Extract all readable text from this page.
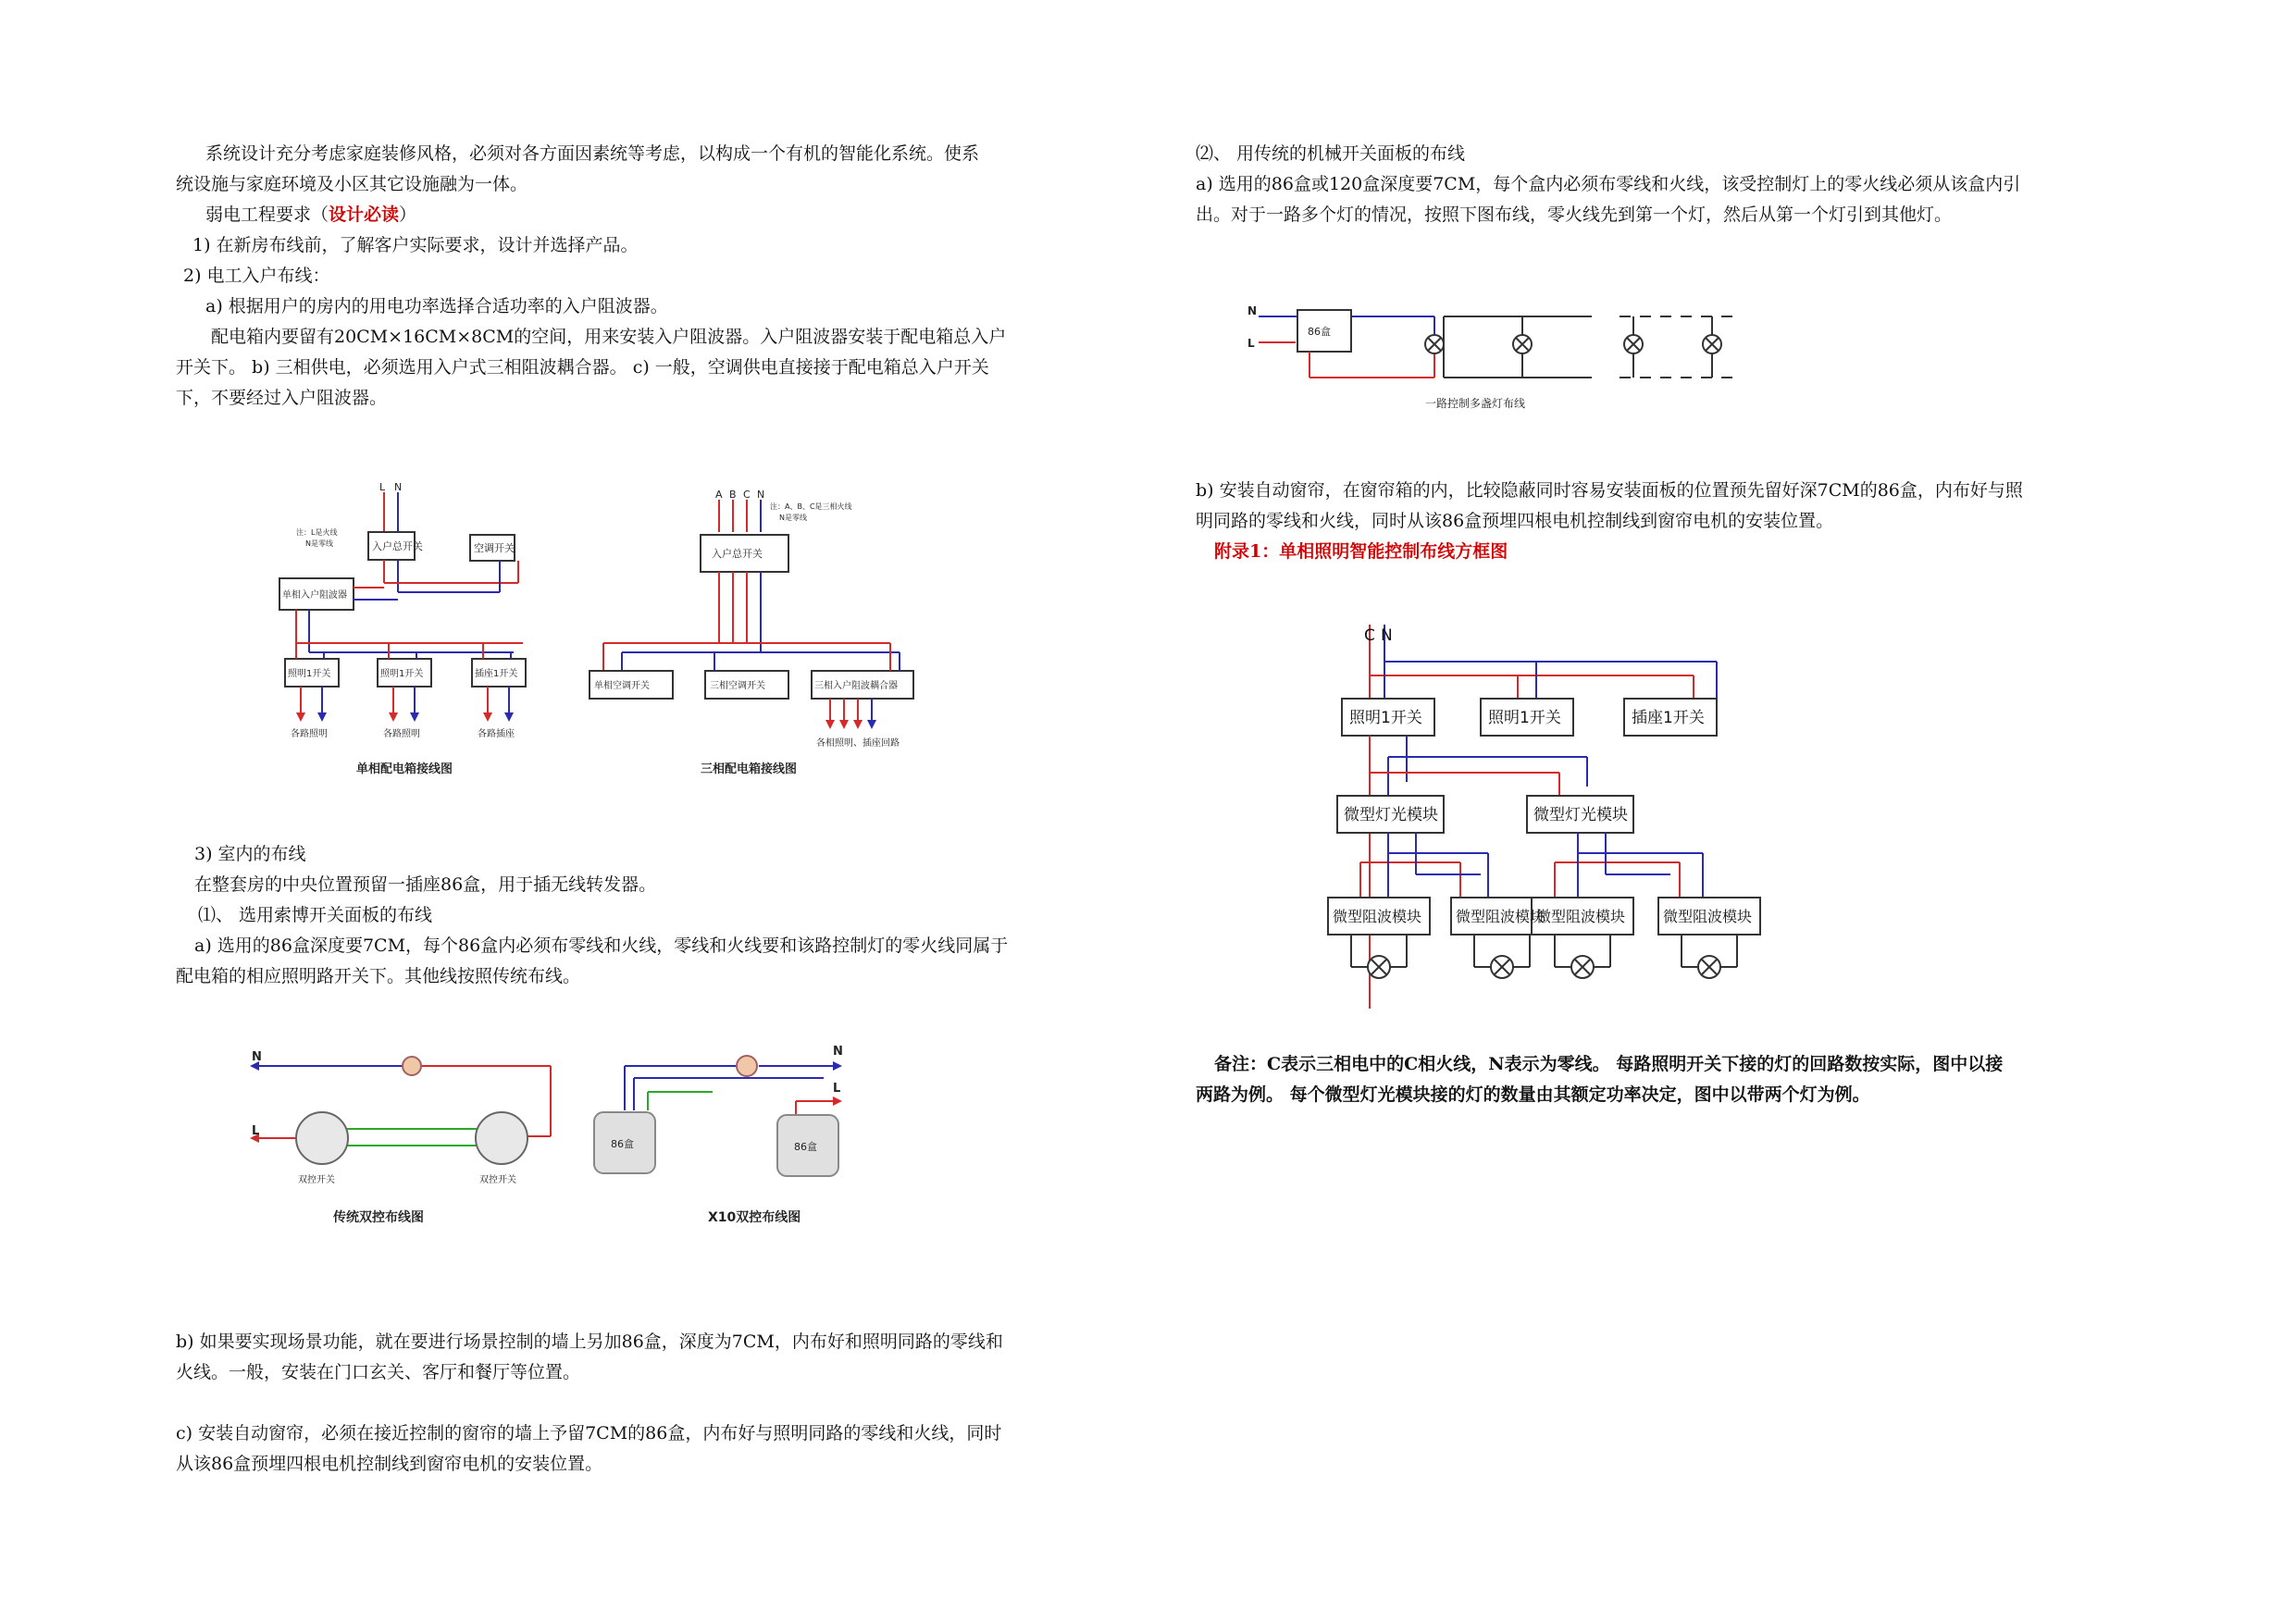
系统设计充分考虑家庭装修风格，必须对各方面因素统等考虑，以构成一个有机的智能化系统。使系
统设施与家庭环境及小区其它设施融为一体。
弱电工程要求（设计必读）
1) 在新房布线前，了解客户实际要求，设计并选择产品。
2) 电工入户布线：
a) 根据用户的房内的用电功率选择合适功率的入户阻波器。
配电箱内要留有20CM×16CM×8CM的空间，用来安装入户阻波器。入户阻波器安装于配电箱总入户
开关下。 b) 三相供电，必须选用入户式三相阻波耦合器。 c) 一般，空调供电直接接于配电箱总入户开关
下，不要经过入户阻波器。
L N
注：L是火线
N是零线	入户总开关	空调开关
单相入户阻波器
照明1开关	照明1开关	插座1开关
各路照明	各路照明	各路插座
单相配电箱接线图
A B C N
注：A、B、C是三相火线
N是零线
入户总开关
单相空调开关	三相空调开关	三相入户阻波耦合器
各相照明、插座回路
三相配电箱接线图
3) 室内的布线
在整套房的中央位置预留一插座86盒，用于插无线转发器。
⑴、 选用索博开关面板的布线
a) 选用的86盒深度要7CM，每个86盒内必须布零线和火线，零线和火线要和该路控制灯的零火线同属于
配电箱的相应照明路开关下。其他线按照传统布线。
N
L
双控开关	双控开关
传统双控布线图
86盒	86盒
N
L
X10双控布线图
b) 如果要实现场景功能，就在要进行场景控制的墙上另加86盒，深度为7CM，内布好和照明同路的零线和
火线。一般，安装在门口玄关、客厅和餐厅等位置。
c) 安装自动窗帘，必须在接近控制的窗帘的墙上予留7CM的86盒，内布好与照明同路的零线和火线，同时
从该86盒预埋四根电机控制线到窗帘电机的安装位置。
⑵、 用传统的机械开关面板的布线
a) 选用的86盒或120盒深度要7CM，每个盒内必须布零线和火线，该受控制灯上的零火线必须从该盒内引
出。对于一路多个灯的情况，按照下图布线，零火线先到第一个灯，然后从第一个灯引到其他灯。
N
L
86盒
一路控制多盏灯布线
b) 安装自动窗帘，在窗帘箱的内，比较隐蔽同时容易安装面板的位置预先留好深7CM的86盒，内布好与照
明同路的零线和火线，同时从该86盒预埋四根电机控制线到窗帘电机的安装位置。
附录1：单相照明智能控制布线方框图
C N
照明1开关	照明1开关	插座1开关
微型灯光模块	微型灯光模块
微型阻波模块 微型阻波模块
微型阻波模块	微型阻波模块
备注：C表示三相电中的C相火线，N表示为零线。 每路照明开关下接的灯的回路数按实际，图中以接
两路为例。 每个微型灯光模块接的灯的数量由其额定功率决定，图中以带两个灯为例。
